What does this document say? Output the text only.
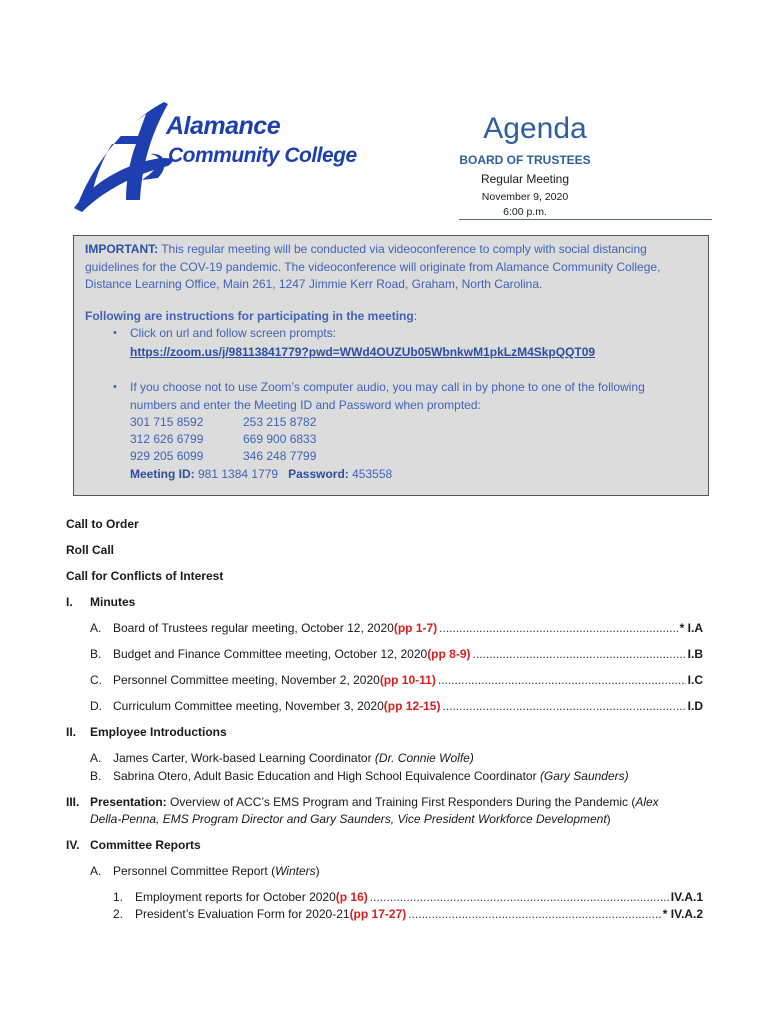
Alamance
Community College
Agenda
BOARD OF TRUSTEES
Regular Meeting
November 9, 2020
6:00 p.m.
IMPORTANT: This regular meeting will be conducted via videoconference to comply with social distancing guidelines for the COV-19 pandemic. The videoconference will originate from Alamance Community College, Distance Learning Office, Main 261, 1247 Jimmie Kerr Road, Graham, North Carolina.
Following are instructions for participating in the meeting:
• Click on url and follow screen prompts:
https://zoom.us/j/98113841779?pwd=WWd4OUZUb05WbnkwM1pkLzM4SkpQQT09
• If you choose not to use Zoom’s computer audio, you may call in by phone to one of the following numbers and enter the Meeting ID and Password when prompted:
301 715 8592	253 215 8782
312 626 6799	669 900 6833
929 205 6099	346 248 7799
Meeting ID: 981 1384 1779 Password: 453558
Call to Order
Roll Call
Call for Conflicts of Interest
I. Minutes
A. Board of Trustees regular meeting, October 12, 2020 (pp 1-7) .....	* I.A
B. Budget and Finance Committee meeting, October 12, 2020 (pp 8-9) .....	I.B
C. Personnel Committee meeting, November 2, 2020 (pp 10-11) .....	I.C
D. Curriculum Committee meeting, November 3, 2020 (pp 12-15) .....	I.D
II. Employee Introductions
A. James Carter, Work-based Learning Coordinator (Dr. Connie Wolfe)
B. Sabrina Otero, Adult Basic Education and High School Equivalence Coordinator (Gary Saunders)
III. Presentation: Overview of ACC’s EMS Program and Training First Responders During the Pandemic (Alex Della-Penna, EMS Program Director and Gary Saunders, Vice President Workforce Development)
IV. Committee Reports
A. Personnel Committee Report (Winters)
1. Employment reports for October 2020 (p 16) .....	IV.A.1
2. President’s Evaluation Form for 2020-21 (pp 17-27) .....	* IV.A.2
